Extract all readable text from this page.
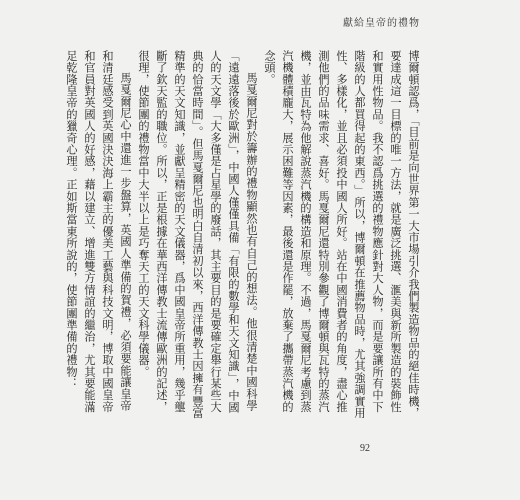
獻給皇帝的禮物

博爾頓認爲，「目前是向世界第一大市場引介我們製造物品的絕佳時機，要達成這一目標的唯一方法，就是廣泛挑選、滙美與新所製造的裝飾性和實用性物品。我不認爲挑選的禮物應針對大人物，而是要讓所有中下階級的人都買得起的東西。」所以，博爾頓在推薦物品時，尤其強調實用性、多樣化，並且必須投中國人所好。站在中國消費者的角度，盡心推測他們的品味需求、喜好。馬戛爾尼還特別參觀了博爾頓與瓦特的蒸汽機，並由瓦特為他解說蒸汽機的構造和原理。不過，馬戛爾尼考慮到蒸汽機體積龐大，展示困難等因素，最後還是作罷，放棄了攜帶蒸汽機的念頭。

馬戛爾尼對於籌辦的禮物顯然也有自己的想法。他很清楚中國科學「遠遠落後於歐洲」，中國人僅僅具備「有限的數學和天文知識」，中國人的天文學「大多僅是占星學的廢話，其主要目的是要確定舉行某些大典的恰當時間」。但馬戛爾尼也明白自清初以來，西洋傳教士因擁有豐富精準的天文知識，並獻呈精密的天文儀器，爲中國皇帝所重用，幾乎壟斷了欽天監的職位。所以，正是根據在華西洋傳教士流傳歐洲的記述，很理，使節團的禮物當中大半以上是巧奪天工的天文科學儀器。

馬戛爾尼心中還進一步盤算，英國人準備的賀禮，必須要能讓皇帝和清廷感受到英國決決海上霸主的優美工藝與科技文明，博取中國皇帝和官員對英國人的好感，藉以建立、增進雙方情誼的繼治，尤其要能滿足乾隆皇帝的獵奇心理。正如斯當東所說的，使節團準備的禮物：

92
